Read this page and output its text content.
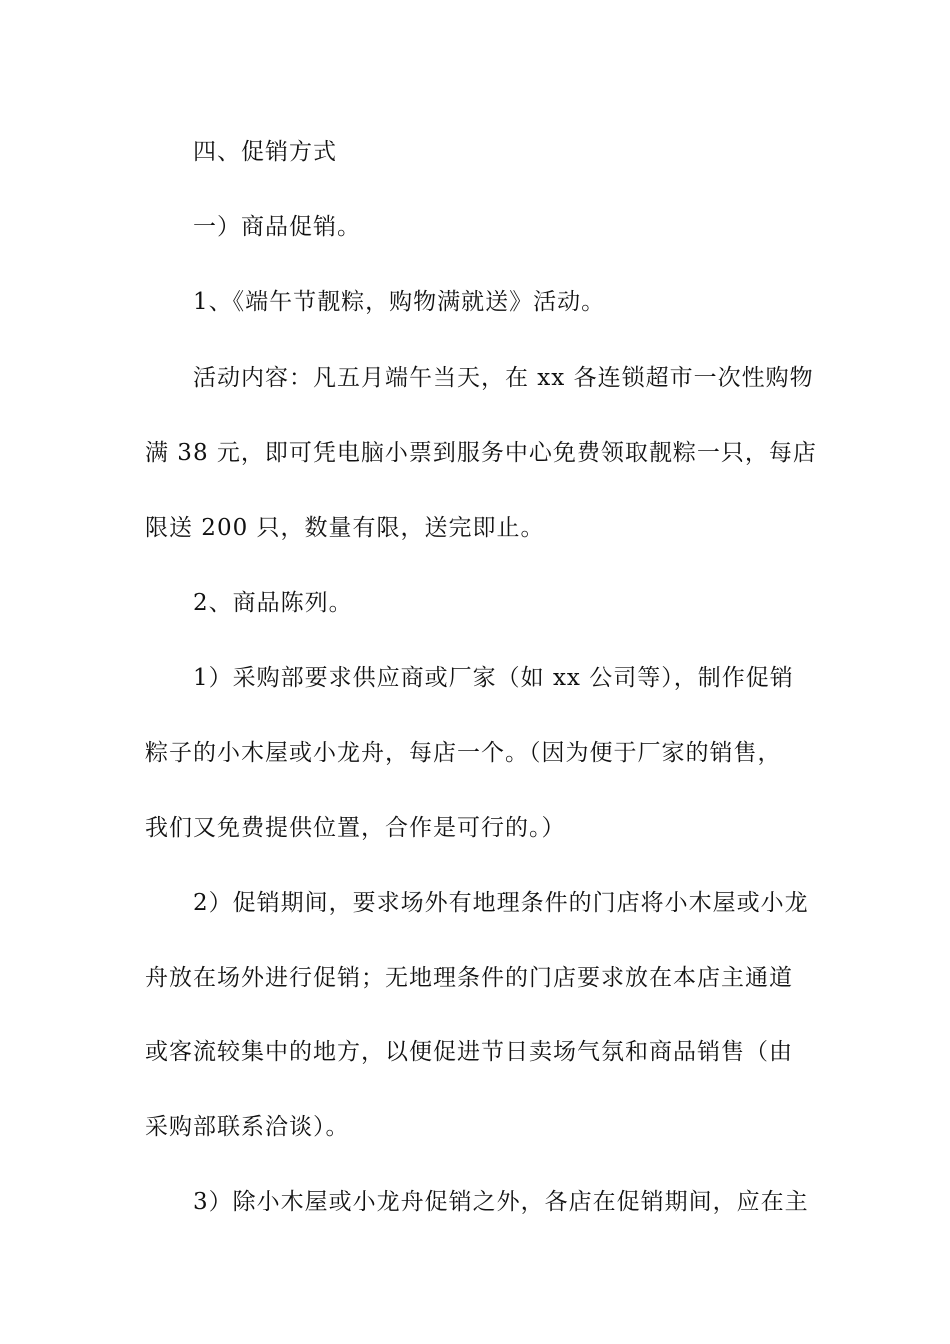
四、促销方式
一）商品促销。
1、《端午节靓粽，购物满就送》活动。
活动内容：凡五月端午当天，在 xx 各连锁超市一次性购物
满 38 元，即可凭电脑小票到服务中心免费领取靓粽一只，每店
限送 200 只，数量有限，送完即止。
2、商品陈列。
1）采购部要求供应商或厂家（如 xx 公司等），制作促销
粽子的小木屋或小龙舟，每店一个。（因为便于厂家的销售，
我们又免费提供位置，合作是可行的。）
2）促销期间，要求场外有地理条件的门店将小木屋或小龙
舟放在场外进行促销；无地理条件的门店要求放在本店主通道
或客流较集中的地方，以便促进节日卖场气氛和商品销售（由
采购部联系洽谈）。
3）除小木屋或小龙舟促销之外，各店在促销期间，应在主
